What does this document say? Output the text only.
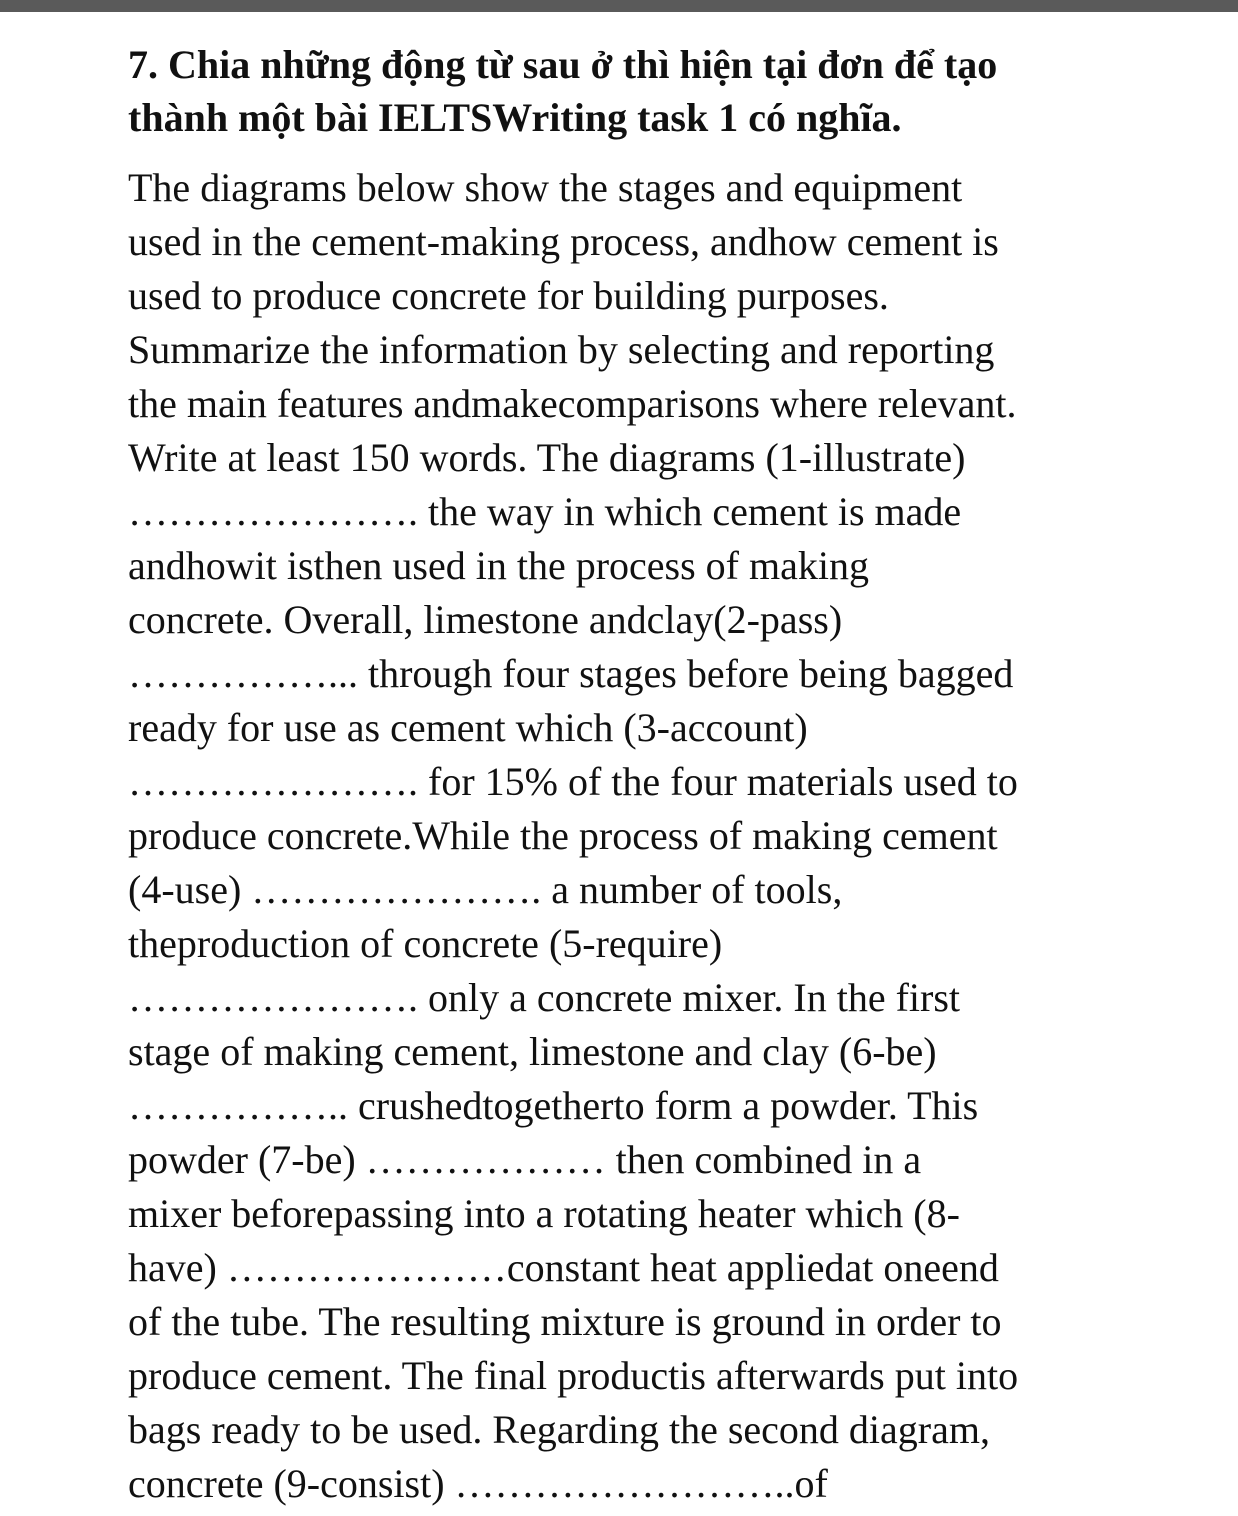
7. Chia những động từ sau ở thì hiện tại đơn để tạo
thành một bài IELTSWriting task 1 có nghĩa.
The diagrams below show the stages and equipment
used in the cement-making process, andhow cement is
used to produce concrete for building purposes.
Summarize the information by selecting and reporting
the main features andmakecomparisons where relevant.
Write at least 150 words. The diagrams (1-illustrate)
…………………. the way in which cement is made
andhowit isthen used in the process of making
concrete. Overall, limestone andclay(2-pass)
……………... through four stages before being bagged
ready for use as cement which (3-account)
…………………. for 15% of the four materials used to
produce concrete.While the process of making cement
(4-use) …………………. a number of tools,
theproduction of concrete (5-require)
…………………. only a concrete mixer. In the first
stage of making cement, limestone and clay (6-be)
…………….. crushedtogetherto form a powder. This
powder (7-be) ……………… then combined in a
mixer beforepassing into a rotating heater which (8-
have) …………………constant heat appliedat oneend
of the tube. The resulting mixture is ground in order to
produce cement. The final productis afterwards put into
bags ready to be used. Regarding the second diagram,
concrete (9-consist) ……………………..of
